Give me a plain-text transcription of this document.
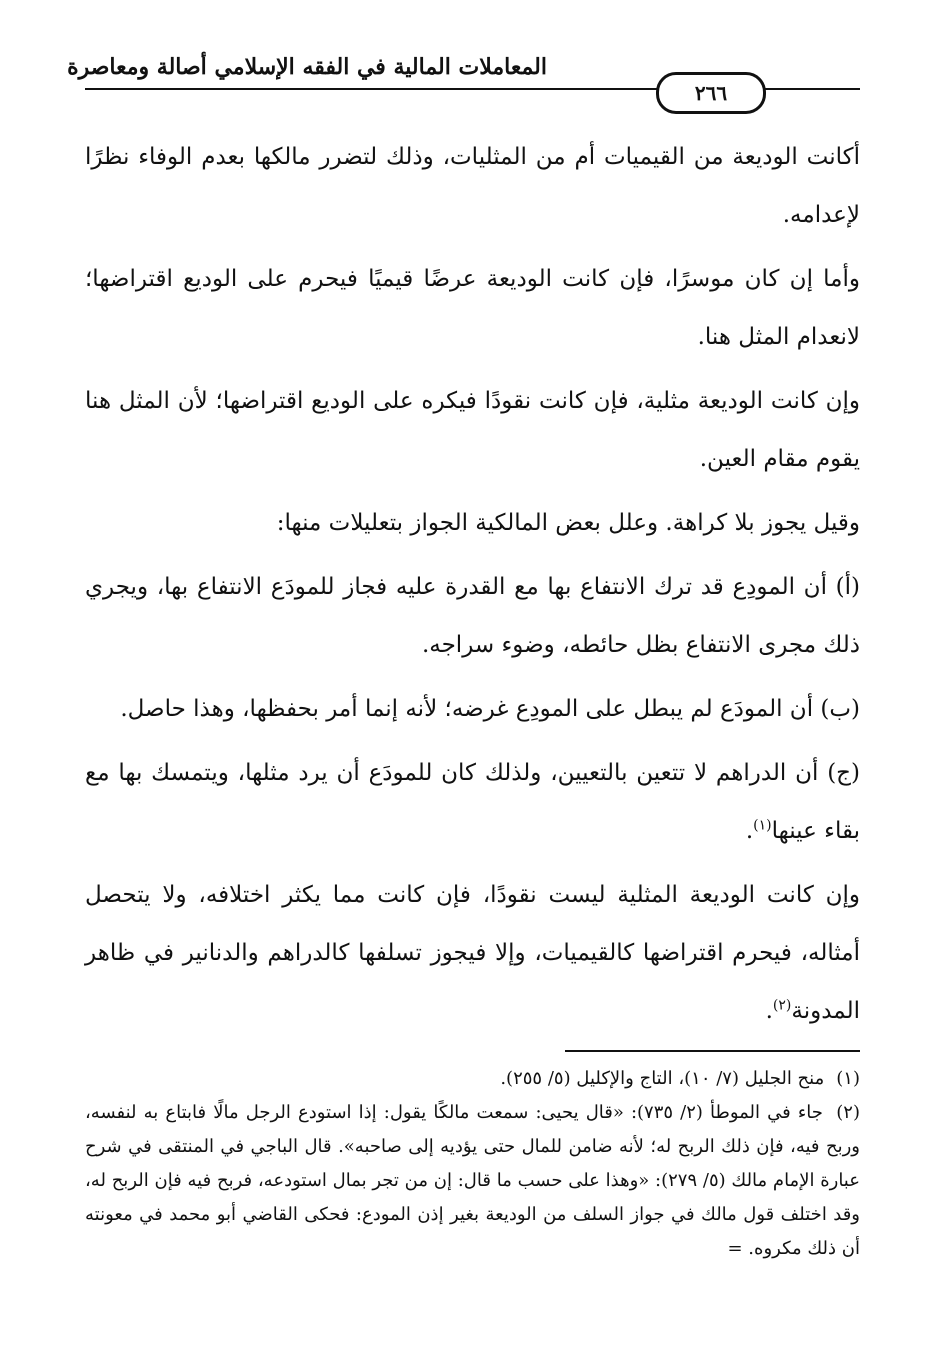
المعاملات المالية في الفقه الإسلامي أصالة ومعاصرة
٢٦٦

أكانت الوديعة من القيميات أم من المثليات، وذلك لتضرر مالكها بعدم الوفاء نظرًا لإعدامه.

وأما إن كان موسرًا، فإن كانت الوديعة عرضًا قيميًا فيحرم على الوديع اقتراضها؛ لانعدام المثل هنا.

وإن كانت الوديعة مثلية، فإن كانت نقودًا فيكره على الوديع اقتراضها؛ لأن المثل هنا يقوم مقام العين.

وقيل يجوز بلا كراهة. وعلل بعض المالكية الجواز بتعليلات منها:

(أ) أن المودِع قد ترك الانتفاع بها مع القدرة عليه فجاز للمودَع الانتفاع بها، ويجري ذلك مجرى الانتفاع بظل حائطه، وضوء سراجه.

(ب) أن المودَع لم يبطل على المودِع غرضه؛ لأنه إنما أمر بحفظها، وهذا حاصل.

(ج) أن الدراهم لا تتعين بالتعيين، ولذلك كان للمودَع أن يرد مثلها، ويتمسك بها مع بقاء عينها$^{(١)}$.

وإن كانت الوديعة المثلية ليست نقودًا، فإن كانت مما يكثر اختلافه، ولا يتحصل أمثاله، فيحرم اقتراضها كالقيميات، وإلا فيجوز تسلفها كالدراهم والدنانير في ظاهر المدونة$^{(٢)}$.

(١) منح الجليل (٧/ ١٠)، التاج والإكليل (٥/ ٢٥٥).

(٢) جاء في الموطأ (٢/ ٧٣٥): «قال يحيى: سمعت مالكًا يقول: إذا استودع الرجل مالًا فابتاع به لنفسه، وربح فيه، فإن ذلك الربح له؛ لأنه ضامن للمال حتى يؤديه إلى صاحبه». قال الباجي في المنتقى في شرح عبارة الإمام مالك (٥/ ٢٧٩): «وهذا على حسب ما قال: إن من تجر بمال استودعه، فربح فيه فإن الربح له، وقد اختلف قول مالك في جواز السلف من الوديعة بغير إذن المودع: فحكى القاضي أبو محمد في معونته أن ذلك مكروه. =
